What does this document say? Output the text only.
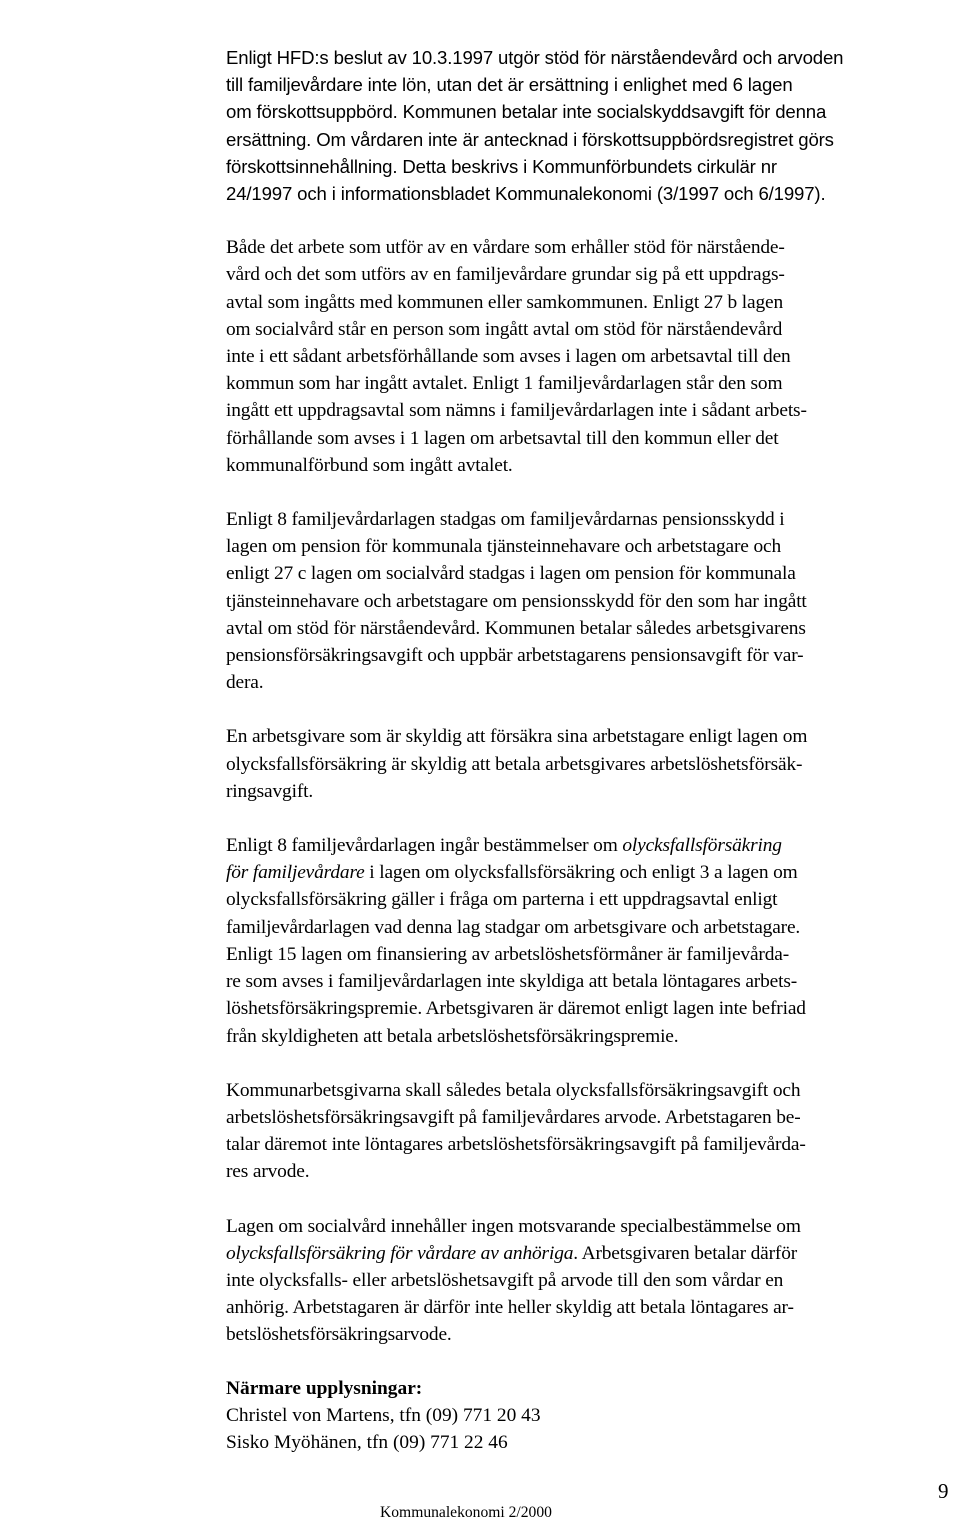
Enligt HFD:s beslut av 10.3.1997 utgör stöd för närståendevård och arvoden
till familjevårdare inte lön, utan det är ersättning i enlighet med 6 lagen
om förskottsuppbörd. Kommunen betalar inte socialskyddsavgift för denna
ersättning. Om vårdaren inte är antecknad i förskottsuppbördsregistret görs
förskottsinnehållning. Detta beskrivs i Kommunförbundets cirkulär nr
24/1997 och i informationsbladet Kommunalekonomi (3/1997 och 6/1997).

Både det arbete som utför av en vårdare som erhåller stöd för närstående-
vård och det som utförs av en familjevårdare grundar sig på ett uppdrags-
avtal som ingåtts med kommunen eller samkommunen. Enligt 27 b lagen
om socialvård står en person som ingått avtal om stöd för närståendevård
inte i ett sådant arbetsförhållande som avses i lagen om arbetsavtal till den
kommun som har ingått avtalet. Enligt 1 familjevårdarlagen står den som
ingått ett uppdragsavtal som nämns i familjevårdarlagen inte i sådant arbets-
förhållande som avses i 1 lagen om arbetsavtal till den kommun eller det
kommunalförbund som ingått avtalet.

Enligt 8 familjevårdarlagen stadgas om familjevårdarnas pensionsskydd i
lagen om pension för kommunala tjänsteinnehavare och arbetstagare och
enligt 27 c lagen om socialvård stadgas i lagen om pension för kommunala
tjänsteinnehavare och arbetstagare om pensionsskydd för den som har ingått
avtal om stöd för närståendevård. Kommunen betalar således arbetsgivarens
pensionsförsäkringsavgift och uppbär arbetstagarens pensionsavgift för var-
dera.

En arbetsgivare som är skyldig att försäkra sina arbetstagare enligt lagen om
olycksfallsförsäkring är skyldig att betala arbetsgivares arbetslöshetsförsäk-
ringsavgift.

Enligt 8 familjevårdarlagen ingår bestämmelser om olycksfallsförsäkring
för familjevårdare i lagen om olycksfallsförsäkring och enligt 3 a lagen om
olycksfallsförsäkring gäller i fråga om parterna i ett uppdragsavtal enligt
familjevårdarlagen vad denna lag stadgar om arbetsgivare och arbetstagare.
Enligt 15 lagen om finansiering av arbetslöshetsförmåner är familjevårda-
re som avses i familjevårdarlagen inte skyldiga att betala löntagares arbets-
löshetsförsäkringspremie. Arbetsgivaren är däremot enligt lagen inte befriad
från skyldigheten att betala arbetslöshetsförsäkringspremie.

Kommunarbetsgivarna skall således betala olycksfallsförsäkringsavgift och
arbetslöshetsförsäkringsavgift på familjevårdares arvode. Arbetstagaren be-
talar däremot inte löntagares arbetslöshetsförsäkringsavgift på familjevårda-
res arvode.

Lagen om socialvård innehåller ingen motsvarande specialbestämmelse om
olycksfallsförsäkring för vårdare av anhöriga. Arbetsgivaren betalar därför
inte olycksfalls- eller arbetslöshetsavgift på arvode till den som vårdar en
anhörig. Arbetstagaren är därför inte heller skyldig att betala löntagares ar-
betslöshetsförsäkringsarvode.

Närmare upplysningar:
Christel von Martens, tfn (09) 771 20 43
Sisko Myöhänen, tfn (09) 771 22 46
Kommunalekonomi 2/2000
9
